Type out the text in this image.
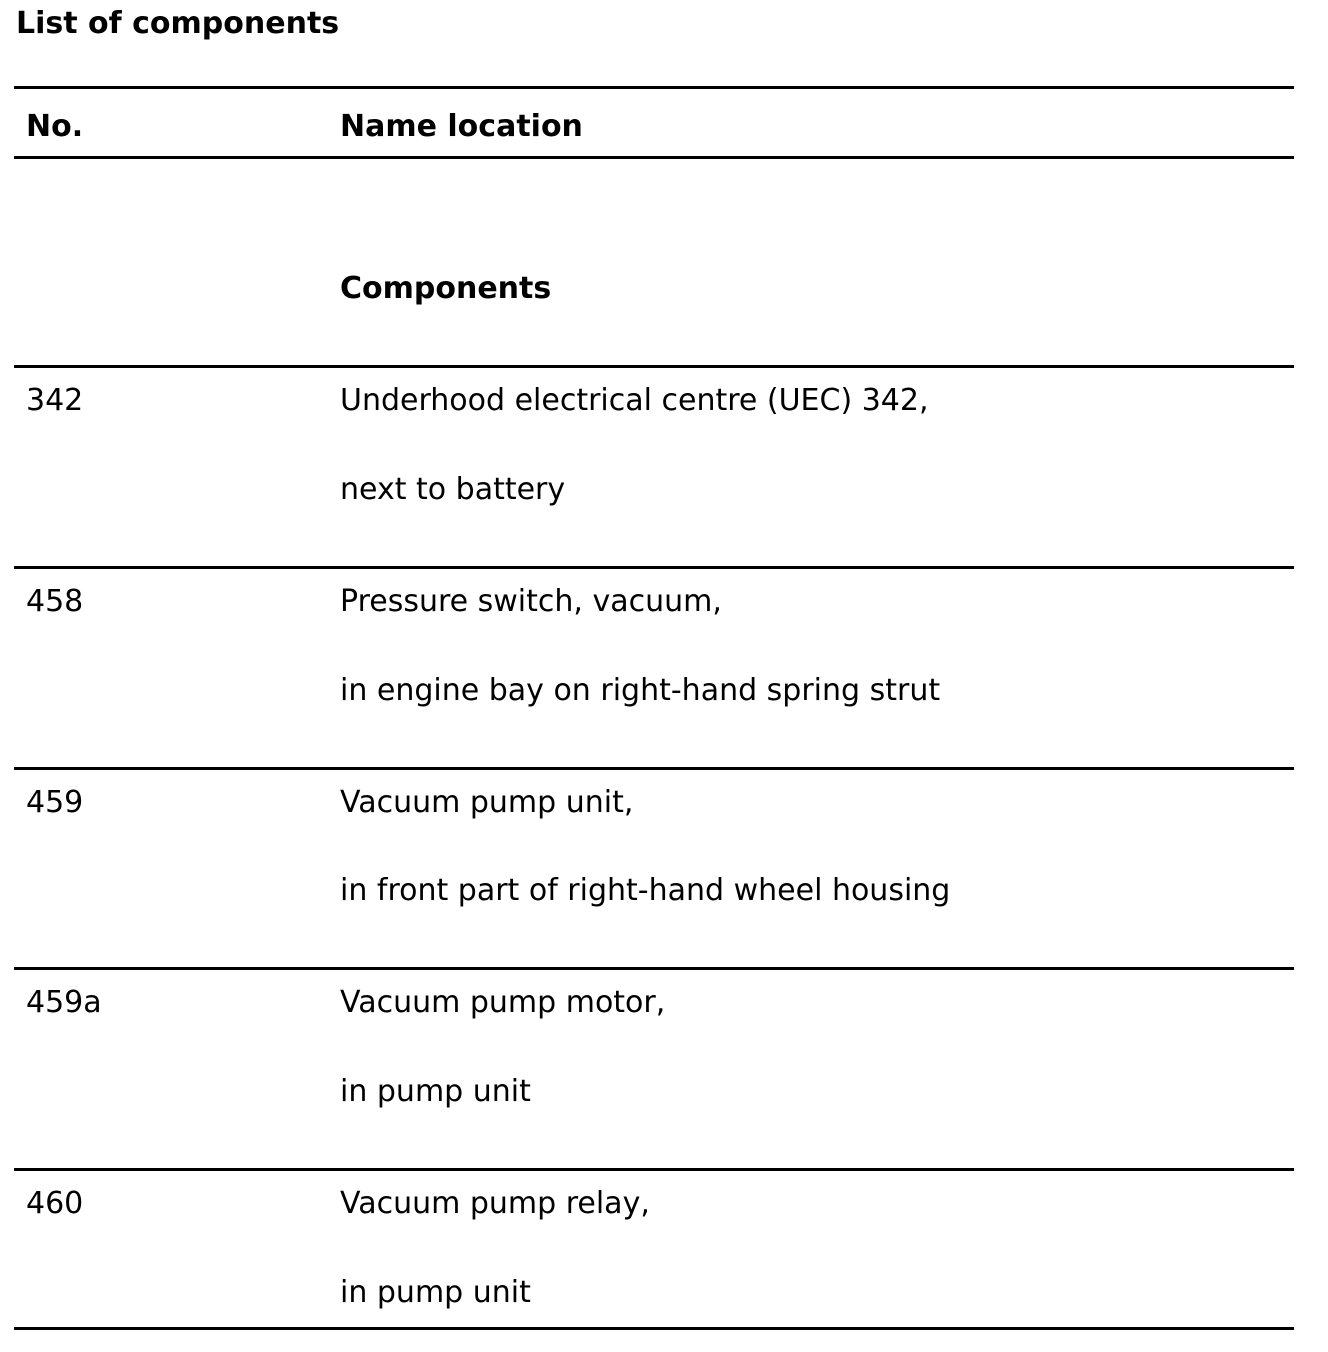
List of components
No.	Name location
Components
342	Underhood electrical centre (UEC) 342,
next to battery
458	Pressure switch, vacuum,
in engine bay on right-hand spring strut
459	Vacuum pump unit,
in front part of right-hand wheel housing
459a	Vacuum pump motor,
in pump unit
460	Vacuum pump relay,
in pump unit
